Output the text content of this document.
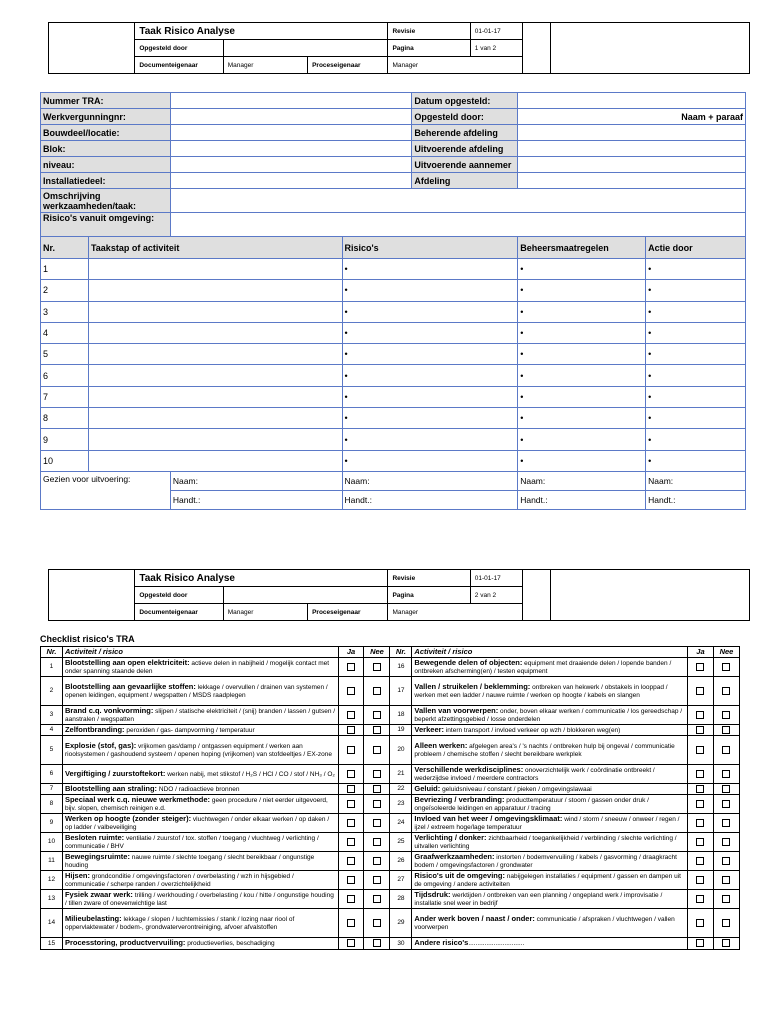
	Taak Risico Analyse			Revisie	01-01-17		
	Opgesteld door			Pagina	1 van 2		
	Documenteigenaar	Manager	Proceseigenaar	Manager			
Nummer TRA:				Datum opgesteld:		
Werkvergunningnr:				Opgesteld door:	Naam + paraaf	
Bouwdeel/locatie:				Beherende afdeling		
Blok:				Uitvoerende afdeling		
niveau:				Uitvoerende aannemer		
Installatiedeel:				Afdeling		
Omschrijving werkzaamheden/taak:						
Risico's vanuit omgeving:						
Nr.	Taakstap of activiteit		Risico's		Beheersmaatregelen	Actie door
1			•		•	•
2			•		•	•
3			•		•	•
4			•		•	•
5			•		•	•
6			•		•	•
7			•		•	•
8			•		•	•
9			•		•	•
10			•		•	•
Gezien voor uitvoering:		Naam:	Naam:		Naam:	Naam:
		Handt.:	Handt.:		Handt.:	Handt.:
	Taak Risico Analyse			Revisie	01-01-17		
	Opgesteld door			Pagina	2 van 2		
	Documenteigenaar	Manager	Proceseigenaar	Manager			
Checklist risico's TRA
Nr.	Activiteit / risico	Ja	Nee	Nr.	Activiteit / risico	Ja	Nee
1	Blootstelling aan open elektriciteit: actieve delen in nabijheid / mogelijk contact met onder spanning staande delen			16	Bewegende delen of objecten: equipment met draaiende delen / lopende banden / ontbreken afscherming(en) / testen equipment		
2	Blootstelling aan gevaarlijke stoffen: lekkage / overvullen / drainen van systemen / openen leidingen, equipment / wegspatten / MSDS raadplegen			17	Vallen / struikelen / beklemming: ontbreken van hekwerk / obstakels in looppad / werken met een ladder / nauwe ruimte / werken op hoogte / kabels en slangen		
3	Brand c.q. vonkvorming: slijpen / statische elektriciteit / (snij) branden / lassen / gutsen / aanstralen / wegspatten			18	Vallen van voorwerpen: onder, boven elkaar werken / communicatie / los gereedschap / beperkt afzettingsgebied / losse onderdelen		
4	Zelfontbranding: peroxiden / gas- dampvorming / temperatuur			19	Verkeer: intern transport / invloed verkeer op wzh / blokkeren weg(en)		
5	Explosie (stof, gas): vrijkomen gas/damp / ontgassen equipment / werken aan rioolsystemen / gashoudend systeem / openen hoping (vrijkomen) van stofdeeltjes / EX-zone			20	Alleen werken: afgelegen area's / 's nachts / ontbreken hulp bij ongeval / communicatie probleem / chemische stoffen / slecht bereikbare werkplek		
6	Vergiftiging / zuurstoftekort: werken nabij, met stikstof / H₂S / HCl / CO / stof / NH₃ / O₂			21	Verschillende werkdisciplines: onoverzichtelijk werk / coördinatie ontbreekt / wederzijdse invloed / meerdere contractors		
7	Blootstelling aan straling: NDO / radioactieve bronnen			22	Geluid: geluidsniveau / constant / pieken / omgevingslawaai		
8	Speciaal werk c.q. nieuwe werkmethode: geen procedure / niet eerder uitgevoerd, bijv. slopen, chemisch reinigen e.d.			23	Bevriezing / verbranding: producttemperatuur / stoom / gassen onder druk / ongeïsoleerde leidingen en apparatuur / tracing		
9	Werken op hoogte (zonder steiger): vluchtwegen / onder elkaar werken / op daken / op ladder / valbeveiliging			24	Invloed van het weer / omgevingsklimaat: wind / storm / sneeuw / onweer / regen / ijzel / extreem hoge/lage temperatuur		
10	Besloten ruimte: ventilatie / zuurstof / tox. stoffen / toegang / vluchtweg / verlichting / communicatie / BHV			25	Verlichting / donker: zichtbaarheid / toegankelijkheid / verblinding / slechte verlichting / uitvallen verlichting		
11	Bewegingsruimte: nauwe ruimte / slechte toegang / slecht bereikbaar / ongunstige houding			26	Graafwerkzaamheden: instorten / bodemvervuiling / kabels / gasvorming / draagkracht bodem / omgevingsfactoren / grondwater		
12	Hijsen: grondconditie / omgevingsfactoren / overbelasting / wzh in hijsgebied / communicatie / scherpe randen / overzichtelijkheid			27	Risico's uit de omgeving: nabijgelegen installaties / equipment / gassen en dampen uit de omgeving / andere activiteiten		
13	Fysiek zwaar werk: trilling / werkhouding / overbelasting / kou / hitte / ongunstige houding / tillen zware of onevenwichtige last			28	Tijdsdruk: werktijden / ontbreken van een planning / ongepland werk / improvisatie / installatie snel weer in bedrijf		
14	Milieubelasting: lekkage / slopen / luchtemissies / stank / lozing naar riool of oppervlaktewater / bodem-, grondwaterverontreiniging, afvoer afvalstoffen			29	Ander werk boven / naast / onder: communicatie / afspraken / vluchtwegen / vallen voorwerpen		
15	Processtoring, productvervuiling: productieverlies, beschadiging			30	Andere risico's...............................		
